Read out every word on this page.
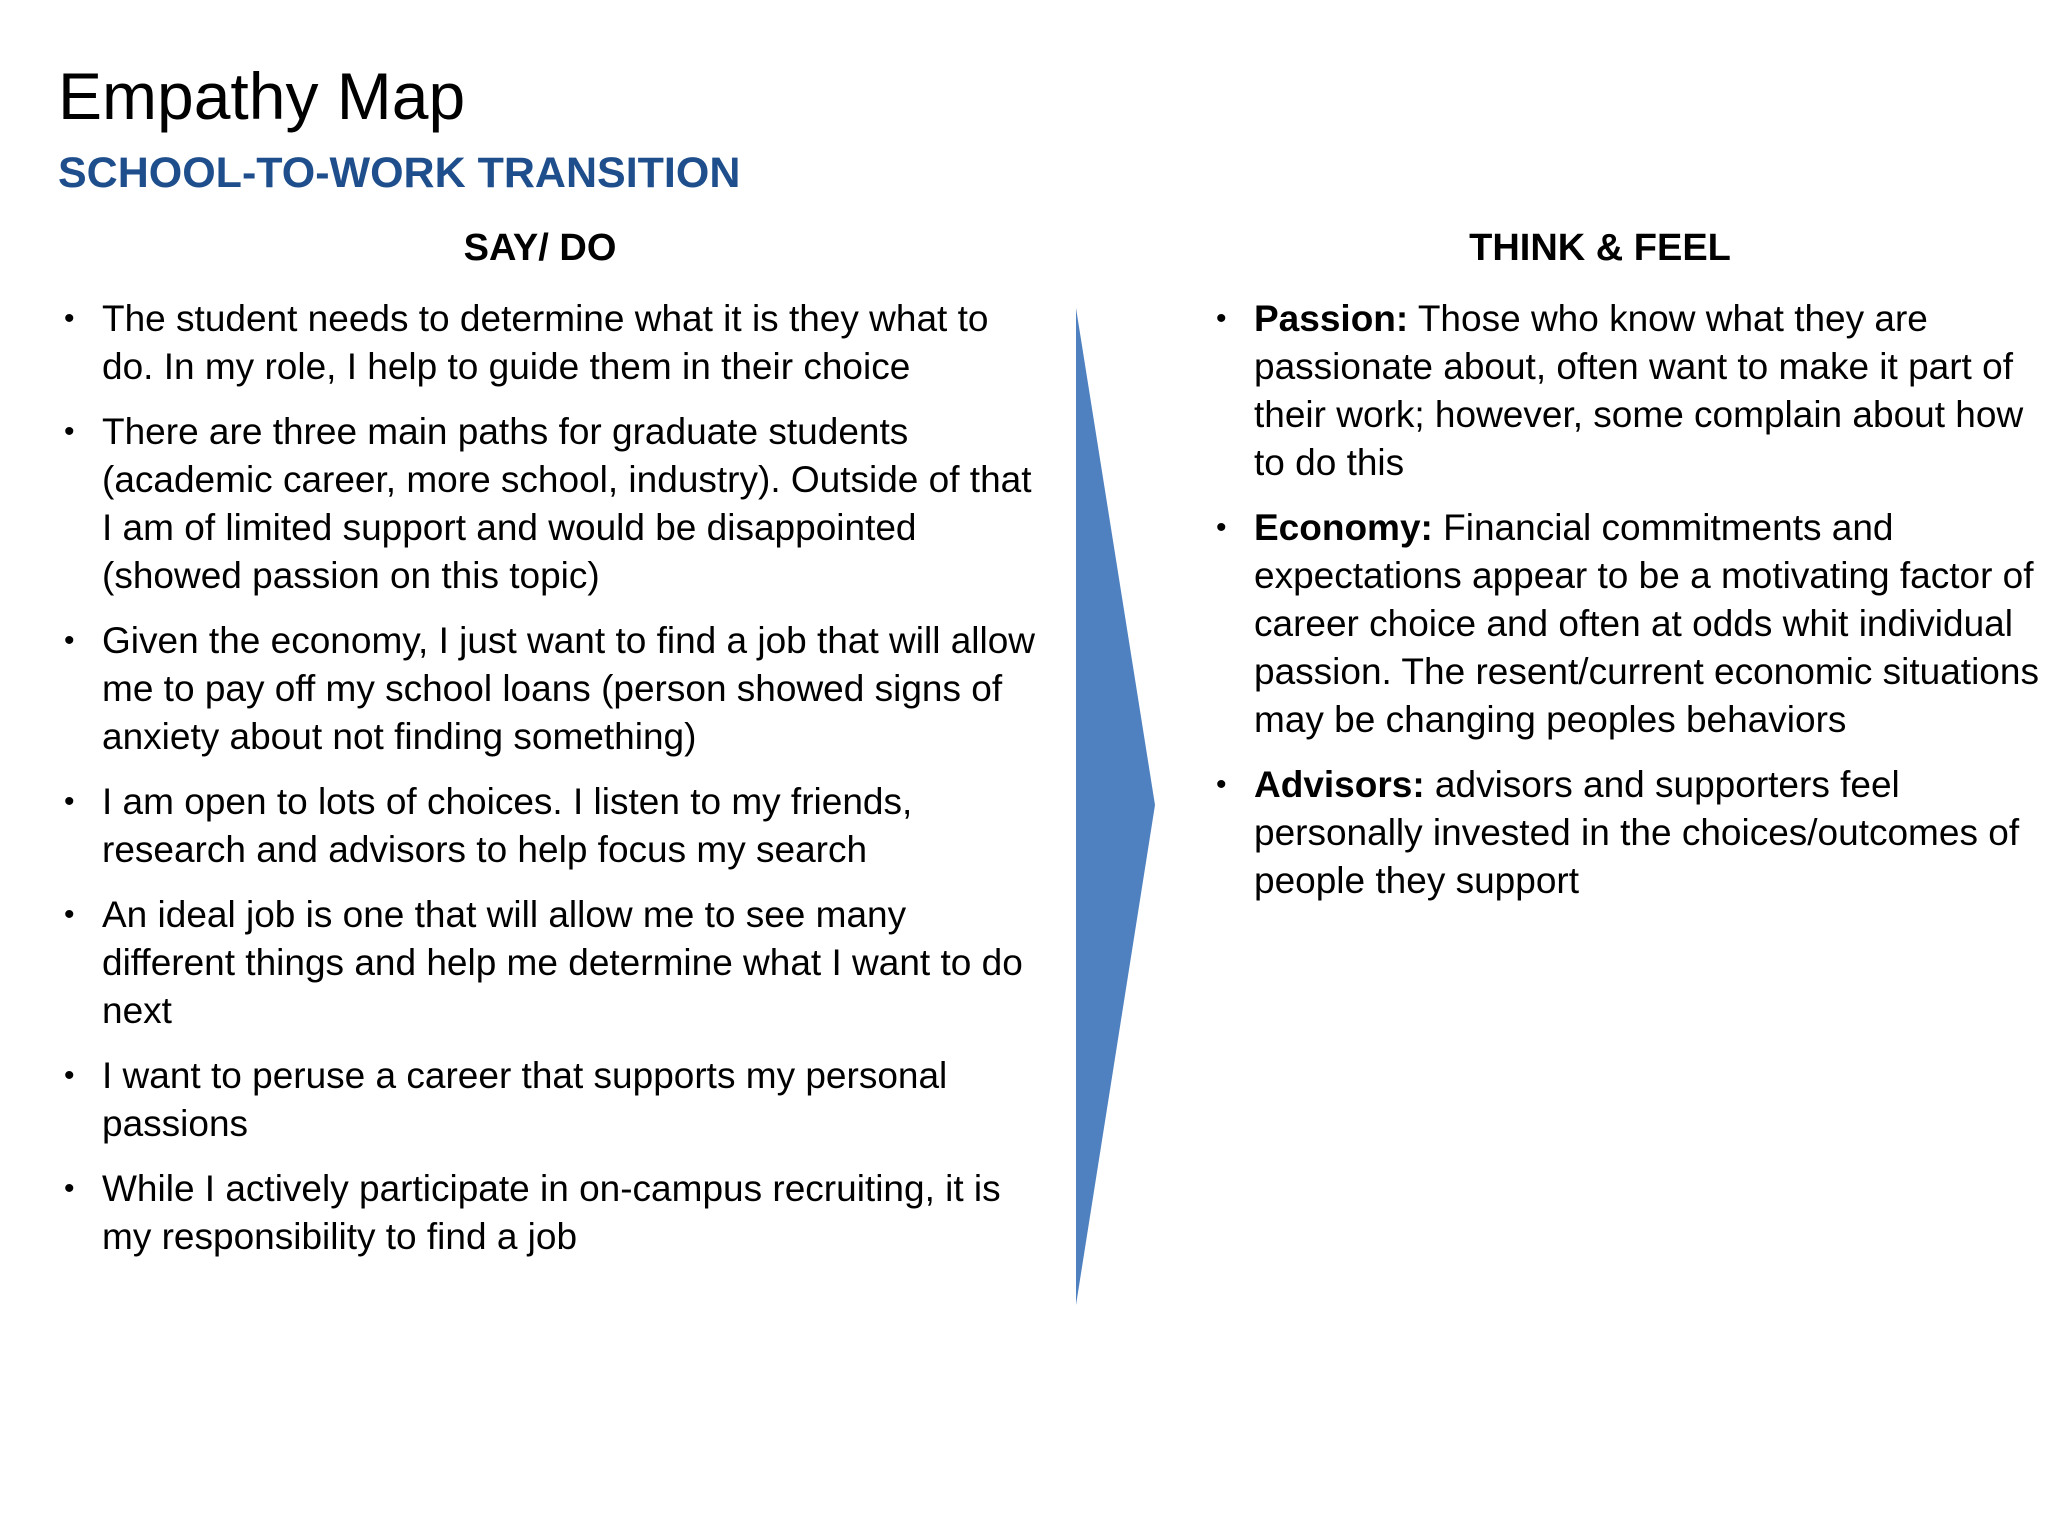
Empathy Map
SCHOOL-TO-WORK TRANSITION
SAY/ DO	THINK & FEEL
• The student needs to determine what it is they what to do. In my role, I help to guide them in their choice
• There are three main paths for graduate students (academic career, more school, industry). Outside of that I am of limited support and would be disappointed (showed passion on this topic)
• Given the economy, I just want to find a job that will allow me to pay off my school loans (person showed signs of anxiety about not finding something)
• I am open to lots of choices. I listen to my friends, research and advisors to help focus my search
• An ideal job is one that will allow me to see many different things and help me determine what I want to do next
• I want to peruse a career that supports my personal passions
• While I actively participate in on-campus recruiting, it is my responsibility to find a job
• Passion: Those who know what they are passionate about, often want to make it part of their work; however, some complain about how to do this
• Economy: Financial commitments and expectations appear to be a motivating factor of career choice and often at odds whit individual passion. The resent/current economic situations may be changing peoples behaviors
• Advisors: advisors and supporters feel personally invested in the choices/outcomes of people they support
